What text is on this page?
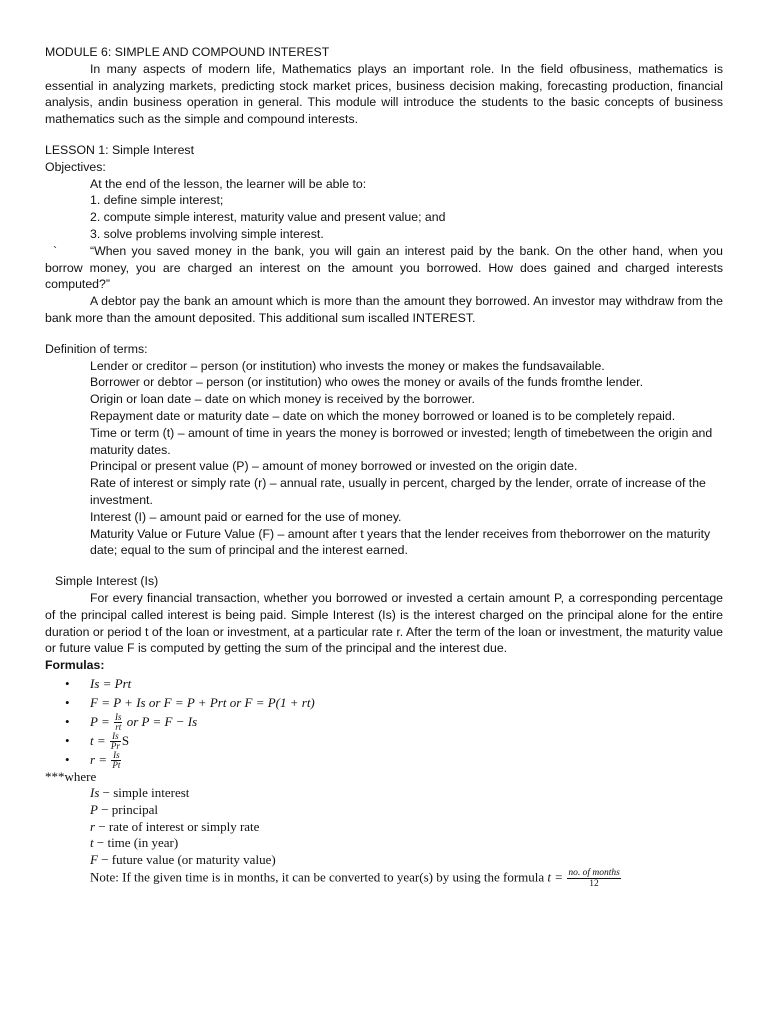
MODULE 6: SIMPLE AND COMPOUND INTEREST

In many aspects of modern life, Mathematics plays an important role. In the field ofbusiness, mathematics is essential in analyzing markets, predicting stock market prices, business decision making, forecasting production, financial analysis, andin business operation in general. This module will introduce the students to the basic concepts of business mathematics such as the simple and compound interests.

LESSON 1: Simple Interest

Objectives:

At the end of the lesson, the learner will be able to:

1. define simple interest;

2. compute simple interest, maturity value and present value; and

3. solve problems involving simple interest.

`	“When you saved money in the bank, you will gain an interest paid by the bank. On the other hand, when you borrow money, you are charged an interest on the amount you borrowed. How does gained and charged interests computed?”

A debtor pay the bank an amount which is more than the amount they borrowed. An investor may withdraw from the bank more than the amount deposited. This additional sum iscalled INTEREST.

Definition of terms:

Lender or creditor – person (or institution) who invests the money or makes the fundsavailable.

Borrower or debtor – person (or institution) who owes the money or avails of the funds fromthe lender.

Origin or loan date – date on which money is received by the borrower.

Repayment date or maturity date – date on which the money borrowed or loaned is to be completely repaid.

Time or term (t) – amount of time in years the money is borrowed or invested; length of timebetween the origin and maturity dates.

Principal or present value (P) – amount of money borrowed or invested on the origin date.

Rate of interest or simply rate (r) – annual rate, usually in percent, charged by the lender, orrate of increase of the investment.

Interest (I) – amount paid or earned for the use of money.

Maturity Value or Future Value (F) – amount after t years that the lender receives from theborrower on the maturity date; equal to the sum of principal and the interest earned.

Simple Interest (Is)

For every financial transaction, whether you borrowed or invested a certain amount P, a corresponding percentage of the principal called interest is being paid. Simple Interest (Is) is the interest charged on the principal alone for the entire duration or period t of the loan or investment, at a particular rate r. After the term of the loan or investment, the maturity value or future value F is computed by getting the sum of the principal and the interest due.

Formulas:

• Is = Prt
• F = P + Is or F = P + Prt or F = P(1 + rt)
• $P = \frac{Is}{rt}$ or P = F − Is
• $t = \frac{Is}{Pr}$ S
• $r = \frac{Is}{Pt}$

***where

Is − simple interest
P − principal
r − rate of interest or simply rate
t − time (in year)
F − future value (or maturity value)

Note: If the given time is in months, it can be converted to year(s) by using the formula $t = \frac{\text{no. of months}}{12}$
